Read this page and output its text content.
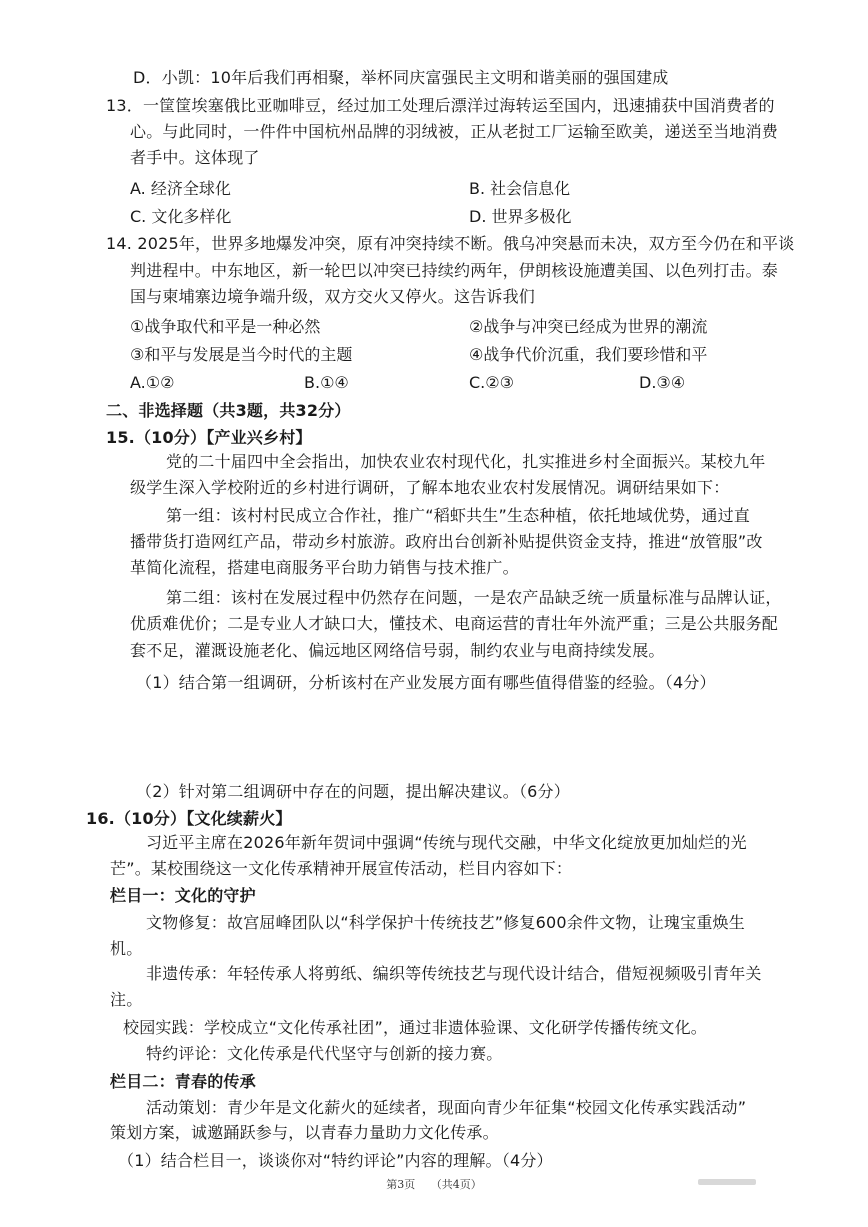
D．小凯：10年后我们再相聚，举杯同庆富强民主文明和谐美丽的强国建成
13．一筐筐埃塞俄比亚咖啡豆，经过加工处理后漂洋过海转运至国内，迅速捕获中国消费者的
心。与此同时，一件件中国杭州品牌的羽绒被，正从老挝工厂运输至欧美，递送至当地消费
者手中。这体现了
A. 经济全球化	B. 社会信息化
C. 文化多样化	D. 世界多极化
14. 2025年，世界多地爆发冲突，原有冲突持续不断。俄乌冲突悬而未决，双方至今仍在和平谈
判进程中。中东地区，新一轮巴以冲突已持续约两年，伊朗核设施遭美国、以色列打击。泰
国与柬埔寨边境争端升级，双方交火又停火。这告诉我们
①战争取代和平是一种必然	②战争与冲突已经成为世界的潮流
③和平与发展是当今时代的主题	④战争代价沉重，我们要珍惜和平
A.①②	B.①④	C.②③	D.③④
二、非选择题（共3题，共32分）
15.（10分）【产业兴乡村】
党的二十届四中全会指出，加快农业农村现代化，扎实推进乡村全面振兴。某校九年
级学生深入学校附近的乡村进行调研，了解本地农业农村发展情况。调研结果如下：
第一组：该村村民成立合作社，推广“稻虾共生”生态种植，依托地域优势，通过直
播带货打造网红产品，带动乡村旅游。政府出台创新补贴提供资金支持，推进“放管服”改
革简化流程，搭建电商服务平台助力销售与技术推广。
第二组：该村在发展过程中仍然存在问题，一是农产品缺乏统一质量标准与品牌认证，
优质难优价；二是专业人才缺口大，懂技术、电商运营的青壮年外流严重；三是公共服务配
套不足，灌溉设施老化、偏远地区网络信号弱，制约农业与电商持续发展。
（1）结合第一组调研，分析该村在产业发展方面有哪些值得借鉴的经验。（4分）
（2）针对第二组调研中存在的问题，提出解决建议。（6分）
16.（10分）【文化续薪火】
习近平主席在2026年新年贺词中强调“传统与现代交融，中华文化绽放更加灿烂的光
芒”。某校围绕这一文化传承精神开展宣传活动，栏目内容如下：
栏目一：文化的守护
文物修复：故宫屈峰团队以“科学保护十传统技艺”修复600余件文物，让瑰宝重焕生
机。
非遗传承：年轻传承人将剪纸、编织等传统技艺与现代设计结合，借短视频吸引青年关
注。
校园实践：学校成立“文化传承社团”，通过非遗体验课、文化研学传播传统文化。
特约评论：文化传承是代代坚守与创新的接力赛。
栏目二：青春的传承
活动策划：青少年是文化薪火的延续者，现面向青少年征集“校园文化传承实践活动”
策划方案，诚邀踊跃参与，以青春力量助力文化传承。
（1）结合栏目一，谈谈你对“特约评论”内容的理解。（4分）
第3页 （共4页）
